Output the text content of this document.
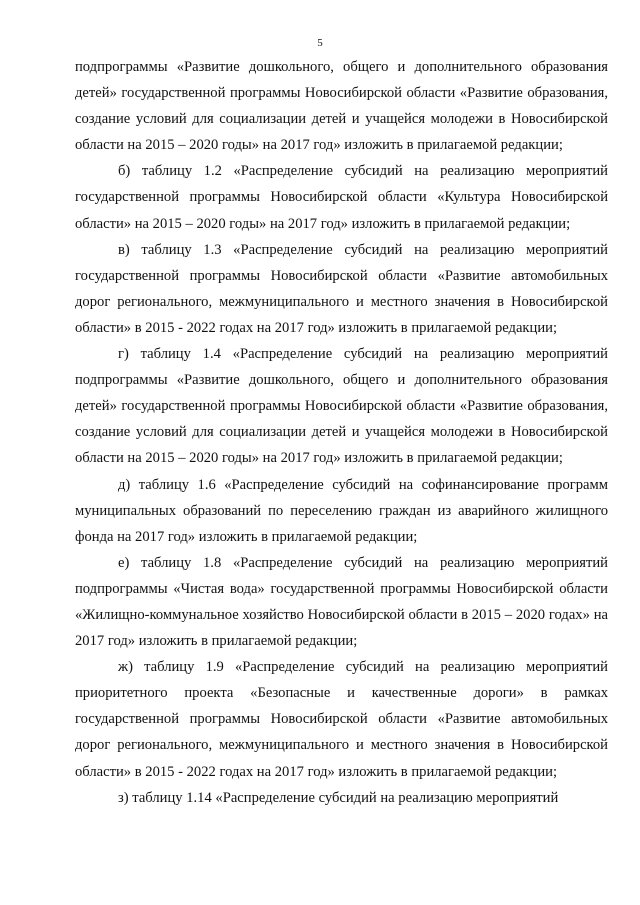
5

подпрограммы «Развитие дошкольного, общего и дополнительного образования детей» государственной программы Новосибирской области «Развитие образования, создание условий для социализации детей и учащейся молодежи в Новосибирской области на 2015 – 2020 годы» на 2017 год» изложить в прилагаемой редакции;

б) таблицу 1.2 «Распределение субсидий на реализацию мероприятий государственной программы Новосибирской области «Культура Новосибирской области» на 2015 – 2020 годы» на 2017 год» изложить в прилагаемой редакции;

в) таблицу 1.3 «Распределение субсидий на реализацию мероприятий государственной программы Новосибирской области «Развитие автомобильных дорог регионального, межмуниципального и местного значения в Новосибирской области» в 2015 - 2022 годах на 2017 год» изложить в прилагаемой редакции;

г) таблицу 1.4 «Распределение субсидий на реализацию мероприятий подпрограммы «Развитие дошкольного, общего и дополнительного образования детей» государственной программы Новосибирской области «Развитие образования, создание условий для социализации детей и учащейся молодежи в Новосибирской области на 2015 – 2020 годы» на 2017 год» изложить в прилагаемой редакции;

д) таблицу 1.6 «Распределение субсидий на софинансирование программ муниципальных образований по переселению граждан из аварийного жилищного фонда на 2017 год» изложить в прилагаемой редакции;

е) таблицу 1.8 «Распределение субсидий на реализацию мероприятий подпрограммы «Чистая вода» государственной программы Новосибирской области «Жилищно-коммунальное хозяйство Новосибирской области в 2015 – 2020 годах» на 2017 год» изложить в прилагаемой редакции;

ж) таблицу 1.9 «Распределение субсидий на реализацию мероприятий приоритетного проекта «Безопасные и качественные дороги» в рамках государственной программы Новосибирской области «Развитие автомобильных дорог регионального, межмуниципального и местного значения в Новосибирской области» в 2015 - 2022 годах на 2017 год» изложить в прилагаемой редакции;

з) таблицу 1.14 «Распределение субсидий на реализацию мероприятий
